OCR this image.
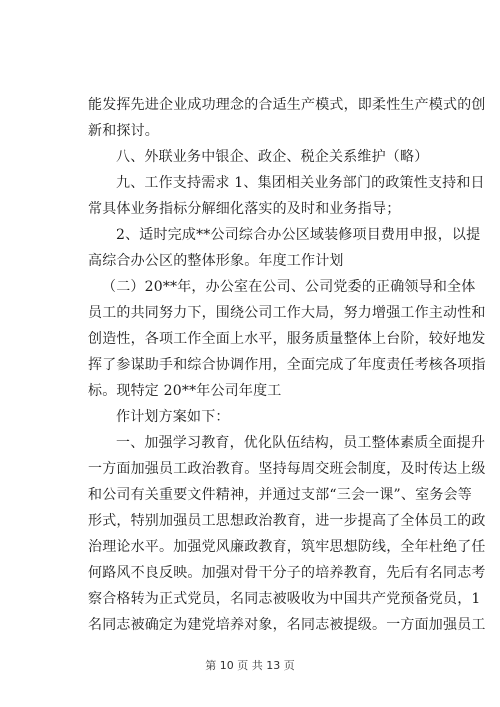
能发挥先进企业成功理念的合适生产模式，即柔性生产模式的创
新和探讨。
八、外联业务中银企、政企、税企关系维护（略）
九、工作支持需求 1、集团相关业务部门的政策性支持和日
常具体业务指标分解细化落实的及时和业务指导；
2、适时完成**公司综合办公区域装修项目费用申报，以提
高综合办公区的整体形象。年度工作计划
（二）20**年，办公室在公司、公司党委的正确领导和全体
员工的共同努力下，围绕公司工作大局，努力增强工作主动性和
创造性，各项工作全面上水平，服务质量整体上台阶，较好地发
挥了参谋助手和综合协调作用，全面完成了年度责任考核各项指
标。现特定 20**年公司年度工
作计划方案如下：
一、加强学习教育，优化队伍结构，员工整体素质全面提升
一方面加强员工政治教育。坚持每周交班会制度，及时传达上级
和公司有关重要文件精神，并通过支部“三会一课”、室务会等
形式，特别加强员工思想政治教育，进一步提高了全体员工的政
治理论水平。加强党风廉政教育，筑牢思想防线，全年杜绝了任
何路风不良反映。加强对骨干分子的培养教育，先后有名同志考
察合格转为正式党员，名同志被吸收为中国共产党预备党员，1
名同志被确定为建党培养对象，名同志被提级。一方面加强员工
第 10 页 共 13 页
